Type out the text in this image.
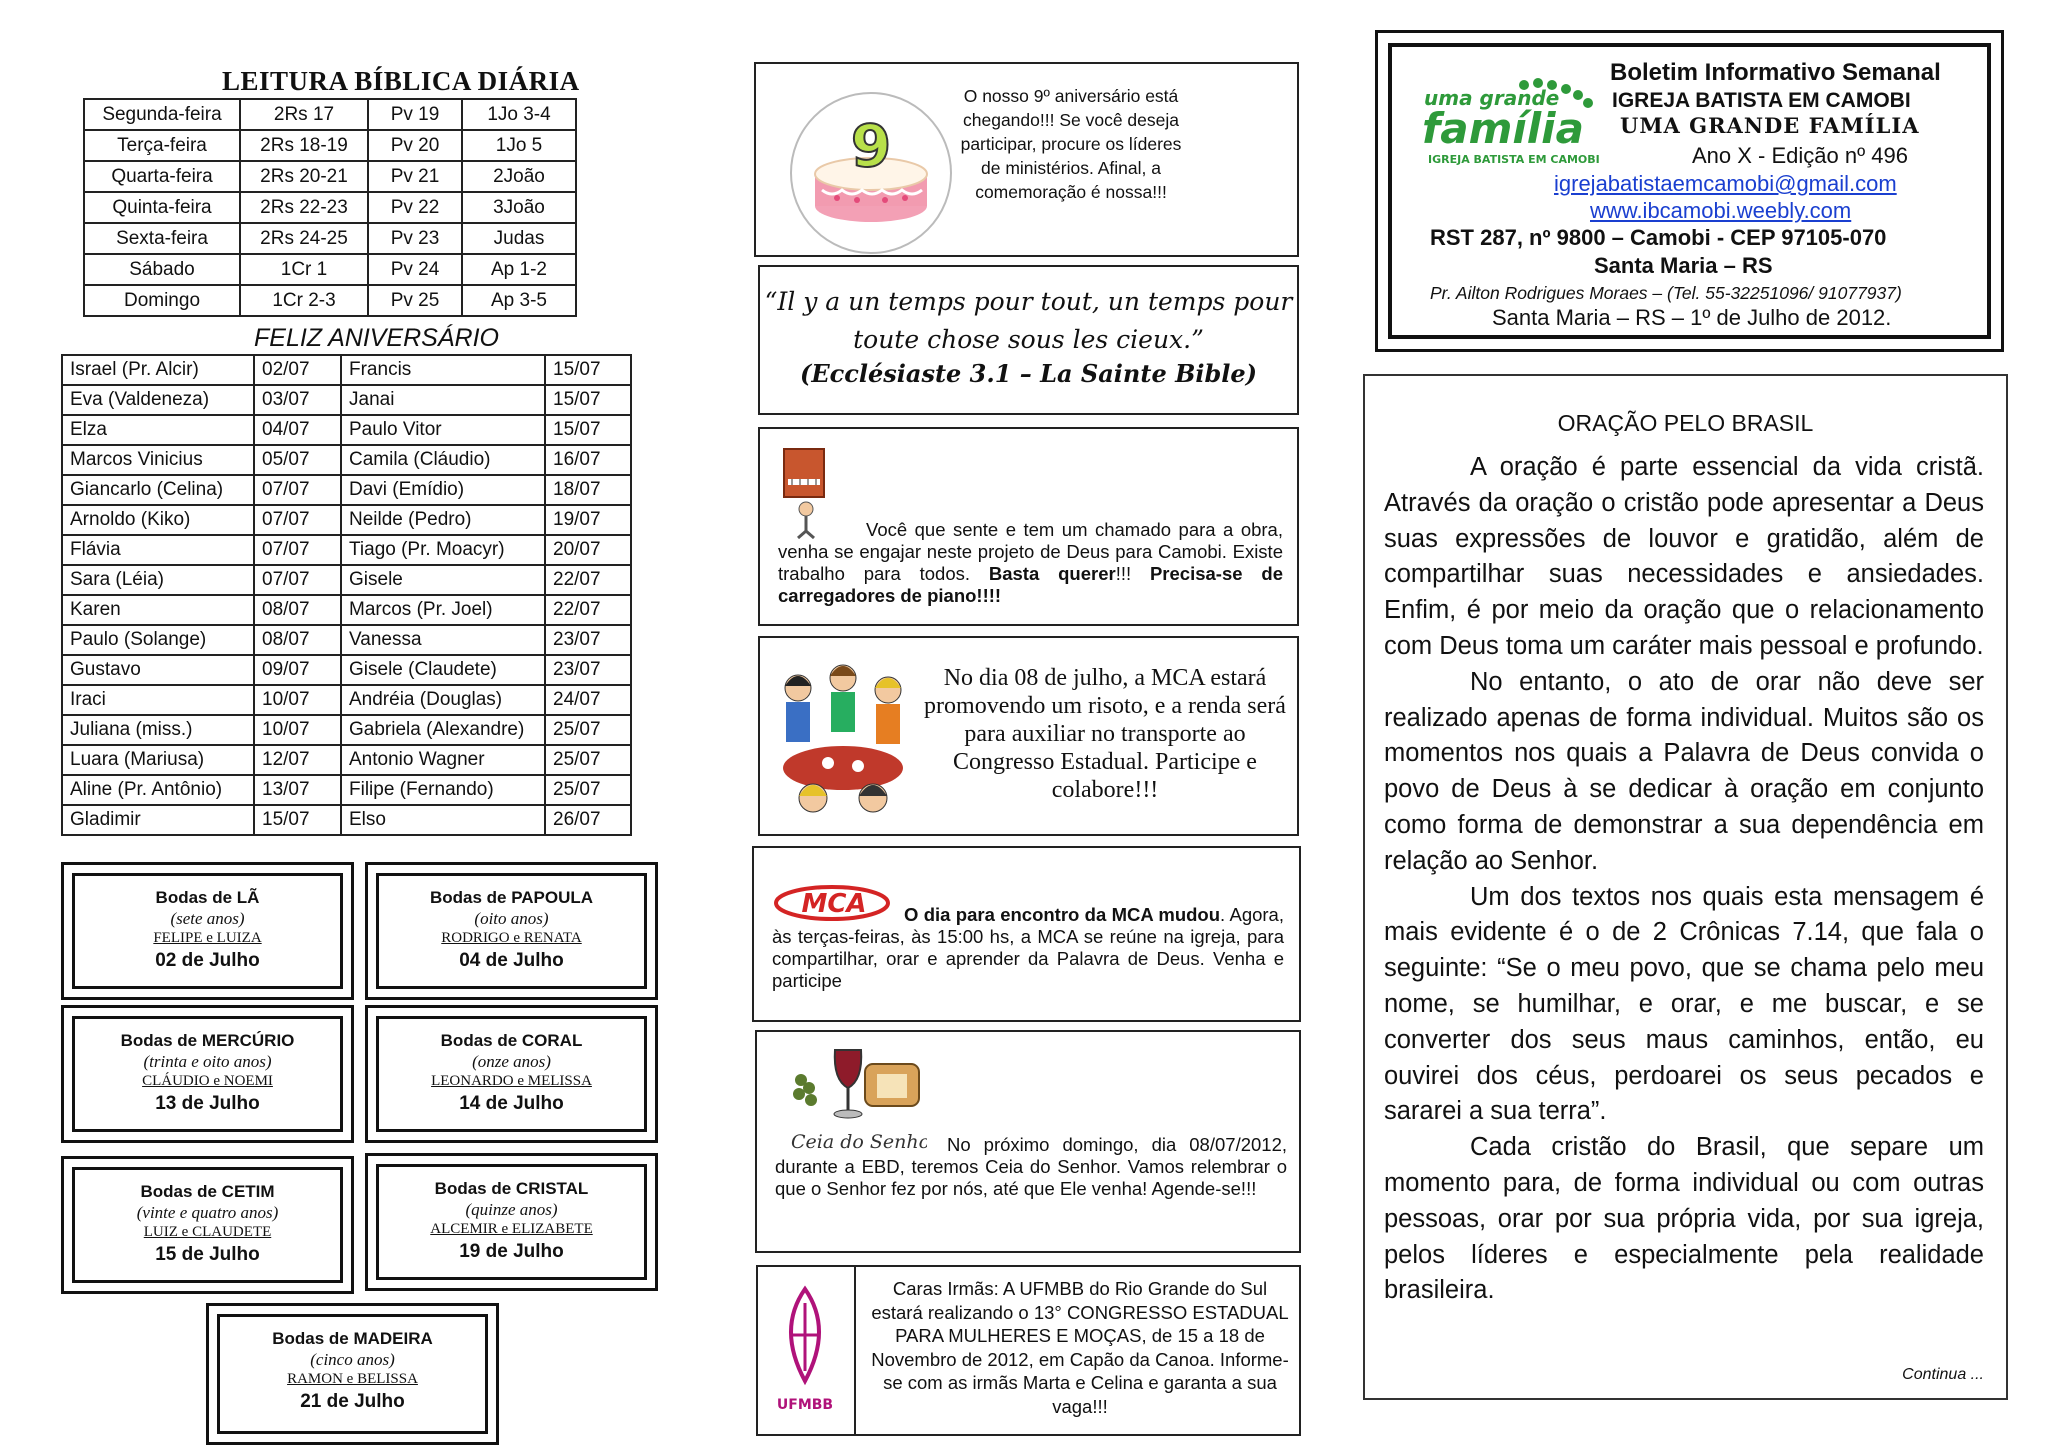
LEITURA BÍBLICA DIÁRIA
Segunda-feira	2Rs 17	Pv 19	1Jo 3-4
Terça-feira	2Rs 18-19	Pv 20	1Jo 5
Quarta-feira	2Rs 20-21	Pv 21	2João
Quinta-feira	2Rs 22-23	Pv 22	3João
Sexta-feira	2Rs 24-25	Pv 23	Judas
Sábado	1Cr 1	Pv 24	Ap 1-2
Domingo	1Cr 2-3	Pv 25	Ap 3-5
FELIZ ANIVERSÁRIO
Israel (Pr. Alcir)	02/07	Francis	15/07
Eva (Valdeneza)	03/07	Janai	15/07
Elza	04/07	Paulo Vitor	15/07
Marcos Vinicius	05/07	Camila (Cláudio)	16/07
Giancarlo (Celina)	07/07	Davi (Emídio)	18/07
Arnoldo (Kiko)	07/07	Neilde (Pedro)	19/07
Flávia	07/07	Tiago (Pr. Moacyr)	20/07
Sara (Léia)	07/07	Gisele	22/07
Karen	08/07	Marcos (Pr. Joel)	22/07
Paulo (Solange)	08/07	Vanessa	23/07
Gustavo	09/07	Gisele (Claudete)	23/07
Iraci	10/07	Andréia (Douglas)	24/07
Juliana (miss.)	10/07	Gabriela (Alexandre)	25/07
Luara (Mariusa)	12/07	Antonio Wagner	25/07
Aline (Pr. Antônio)	13/07	Filipe (Fernando)	25/07
Gladimir	15/07	Elso	26/07
Bodas de LÃ
(sete anos)
FELIPE e LUIZA
02 de Julho
Bodas de PAPOULA
(oito anos)
RODRIGO e RENATA
04 de Julho
Bodas de MERCÚRIO
(trinta e oito anos)
CLÁUDIO e NOEMI
13 de Julho
Bodas de CORAL
(onze anos)
LEONARDO e MELISSA
14 de Julho
Bodas de CETIM
(vinte e quatro anos)
LUIZ e CLAUDETE
15 de Julho
Bodas de CRISTAL
(quinze anos)
ALCEMIR e ELIZABETE
19 de Julho
Bodas de MADEIRA
(cinco anos)
RAMON e BELISSA
21 de Julho
9
O nosso 9º aniversário está chegando!!! Se você deseja participar, procure os líderes de ministérios. Afinal, a comemoração é nossa!!!
“Il y a un temps pour tout, un temps pour toute chose sous les cieux.”
(Ecclésiaste 3.1 – La Sainte Bible)
Você que sente e tem um chamado para a obra, venha se engajar neste projeto de Deus para Camobi. Existe trabalho para todos. Basta querer!!! Precisa-se de carregadores de piano!!!!
No dia 08 de julho, a MCA estará promovendo um risoto, e a renda será para auxiliar no transporte ao Congresso Estadual. Participe e colabore!!!
MCA	O dia para encontro da MCA mudou. Agora, às terças-feiras, às 15:00 hs, a MCA se reúne na igreja, para compartilhar, orar e aprender da Palavra de Deus. Venha e participe
Ceia do Senhor No próximo domingo, dia 08/07/2012, durante a EBD, teremos Ceia do Senhor. Vamos relembrar o que o Senhor fez por nós, até que Ele venha! Agende-se!!!
UFMBB
Caras Irmãs: A UFMBB do Rio Grande do Sul estará realizando o 13° CONGRESSO ESTADUAL PARA MULHERES E MOÇAS, de 15 a 18 de Novembro de 2012, em Capão da Canoa. Informe-se com as irmãs Marta e Celina e garanta a sua vaga!!!
uma grande
família
IGREJA BATISTA EM CAMOBI
Boletim Informativo Semanal
IGREJA BATISTA EM CAMOBI
UMA GRANDE FAMÍLIA
Ano X - Edição nº 496
igrejabatistaemcamobi@gmail.com
www.ibcamobi.weebly.com
RST 287, nº 9800 – Camobi - CEP 97105-070
Santa Maria – RS
Pr. Ailton Rodrigues Moraes – (Tel. 55-32251096/ 91077937)
Santa Maria – RS – 1º de Julho de 2012.
ORAÇÃO PELO BRASIL

A oração é parte essencial da vida cristã. Através da oração o cristão pode apresentar a Deus suas expressões de louvor e gratidão, além de compartilhar suas necessidades e ansiedades. Enfim, é por meio da oração que o relacionamento com Deus toma um caráter mais pessoal e profundo.

No entanto, o ato de orar não deve ser realizado apenas de forma individual. Muitos são os momentos nos quais a Palavra de Deus convida o povo de Deus à se dedicar à oração em conjunto como forma de demonstrar a sua dependência em relação ao Senhor.

Um dos textos nos quais esta mensagem é mais evidente é o de 2 Crônicas 7.14, que fala o seguinte: “Se o meu povo, que se chama pelo meu nome, se humilhar, e orar, e me buscar, e se converter dos seus maus caminhos, então, eu ouvirei dos céus, perdoarei os seus pecados e sararei a sua terra”.

Cada cristão do Brasil, que separe um momento para, de forma individual ou com outras pessoas, orar por sua própria vida, por sua igreja, pelos líderes e especialmente pela realidade brasileira.

Continua ...
